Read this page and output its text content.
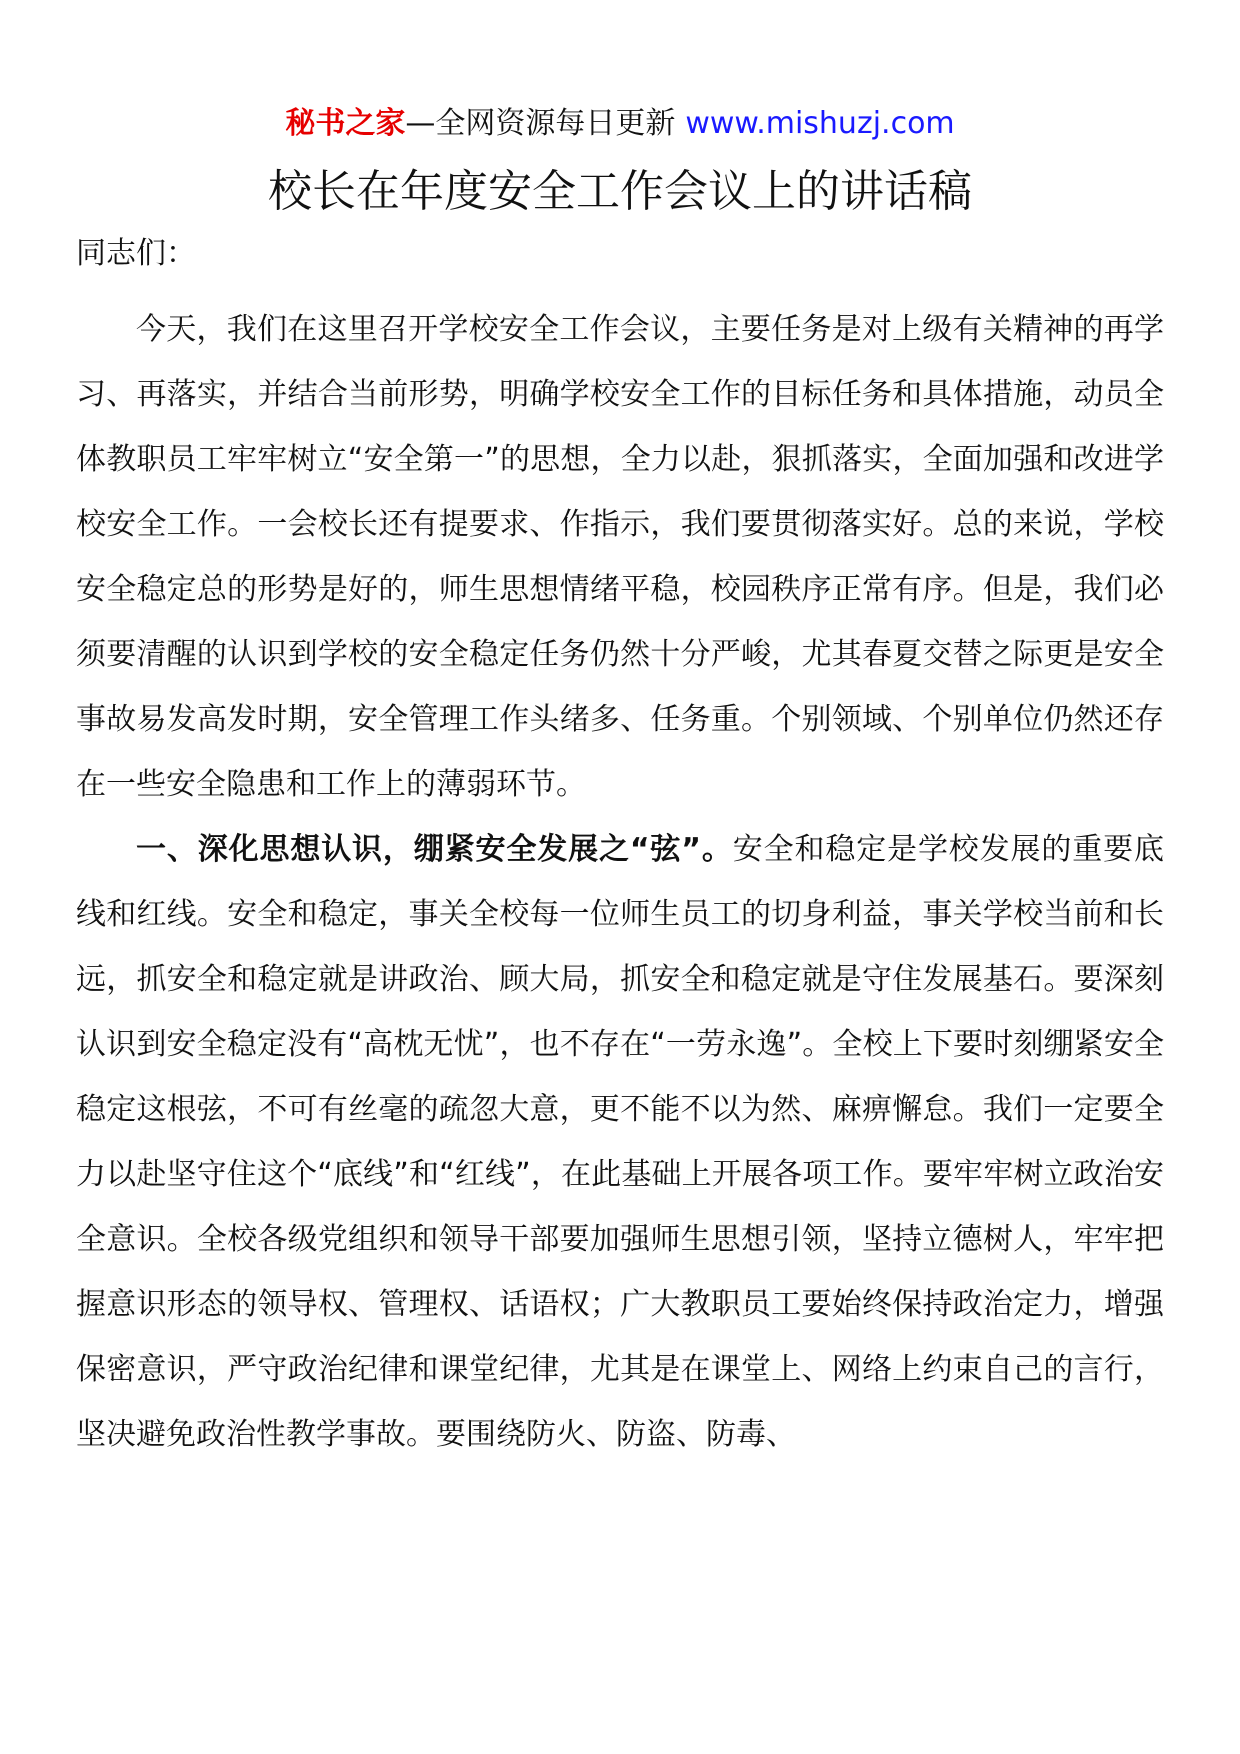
秘书之家—全网资源每日更新 www.mishuzj.com
校长在年度安全工作会议上的讲话稿
同志们：

今天，我们在这里召开学校安全工作会议，主要任务是对上级有关精神的再学习、再落实，并结合当前形势，明确学校安全工作的目标任务和具体措施，动员全体教职员工牢牢树立“安全第一”的思想，全力以赴，狠抓落实，全面加强和改进学校安全工作。一会校长还有提要求、作指示，我们要贯彻落实好。总的来说，学校安全稳定总的形势是好的，师生思想情绪平稳，校园秩序正常有序。但是，我们必须要清醒的认识到学校的安全稳定任务仍然十分严峻，尤其春夏交替之际更是安全事故易发高发时期，安全管理工作头绪多、任务重。个别领域、个别单位仍然还存在一些安全隐患和工作上的薄弱环节。

一、深化思想认识，绷紧安全发展之“弦”。安全和稳定是学校发展的重要底线和红线。安全和稳定，事关全校每一位师生员工的切身利益，事关学校当前和长远，抓安全和稳定就是讲政治、顾大局，抓安全和稳定就是守住发展基石。要深刻认识到安全稳定没有“高枕无忧”，也不存在“一劳永逸”。全校上下要时刻绷紧安全稳定这根弦，不可有丝毫的疏忽大意，更不能不以为然、麻痹懈怠。我们一定要全力以赴坚守住这个“底线”和“红线”，在此基础上开展各项工作。要牢牢树立政治安全意识。全校各级党组织和领导干部要加强师生思想引领，坚持立德树人，牢牢把握意识形态的领导权、管理权、话语权；广大教职员工要始终保持政治定力，增强保密意识，严守政治纪律和课堂纪律，尤其是在课堂上、网络上约束自己的言行，坚决避免政治性教学事故。要围绕防火、防盗、防毒、
